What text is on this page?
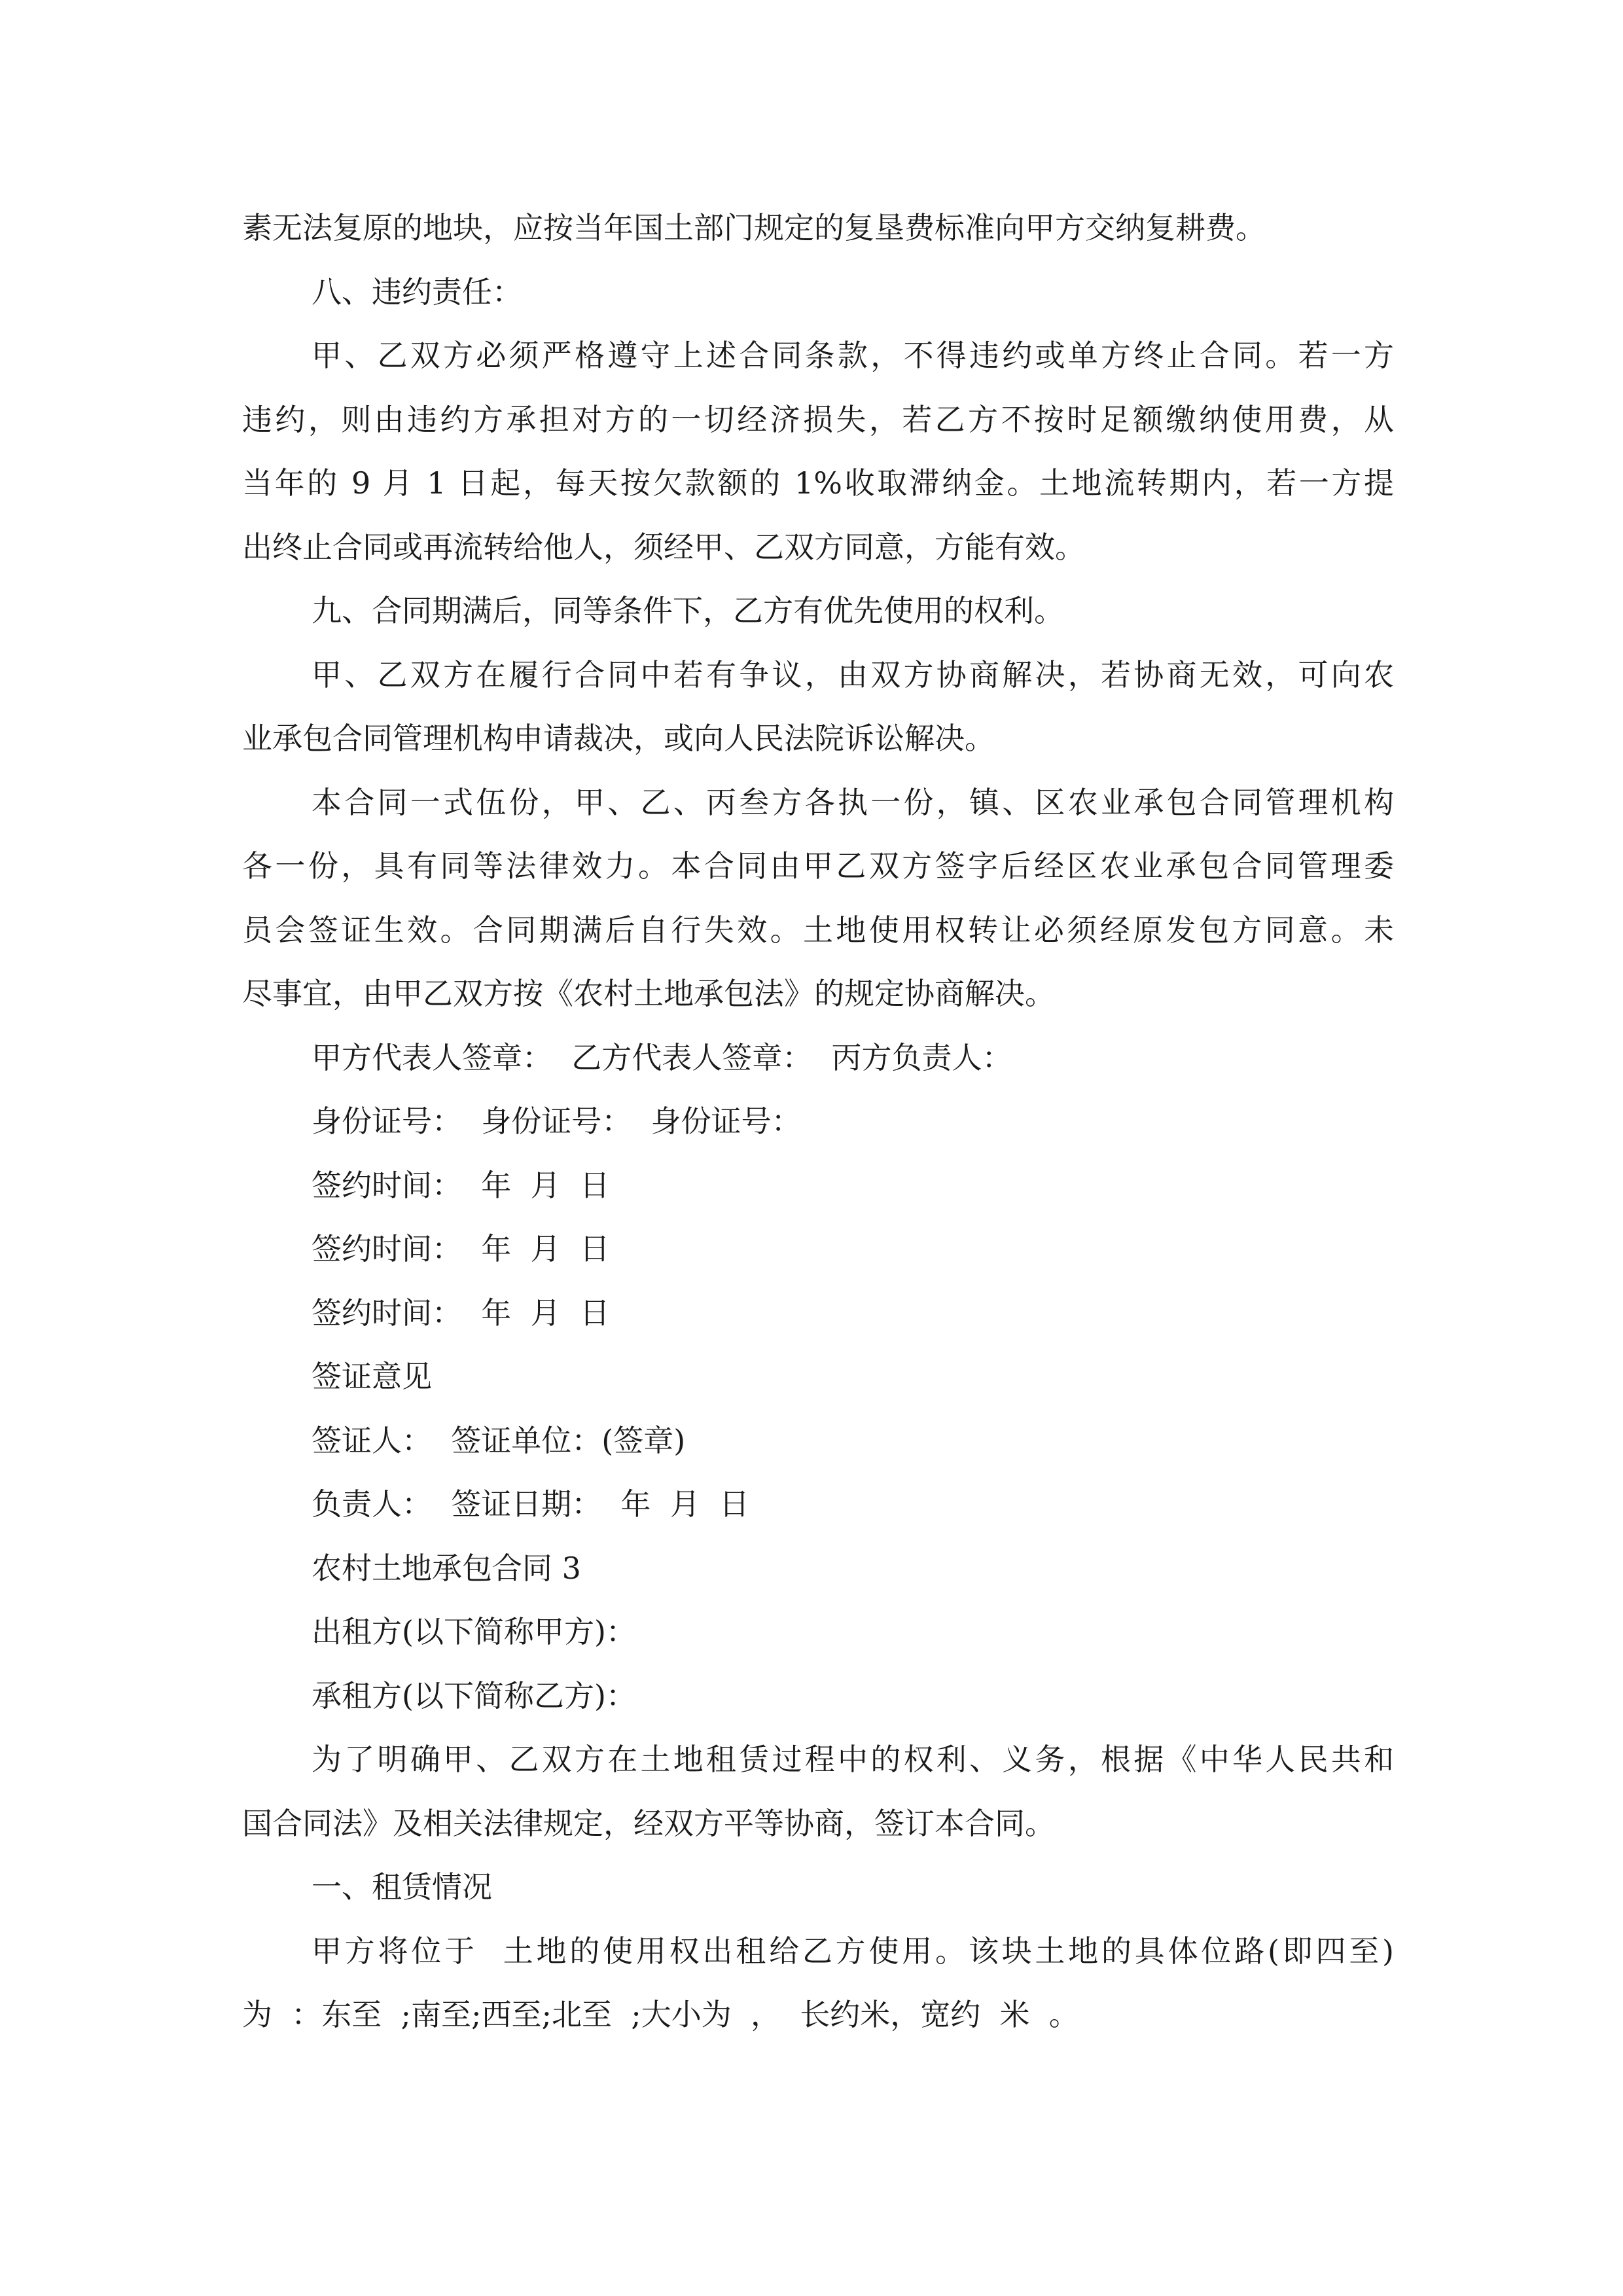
素无法复原的地块，应按当年国土部门规定的复垦费标准向甲方交纳复耕费。
八、违约责任：
甲、乙双方必须严格遵守上述合同条款，不得违约或单方终止合同。若一方
违约，则由违约方承担对方的一切经济损失，若乙方不按时足额缴纳使用费，从
当年的 9 月 1 日起，每天按欠款额的 1%收取滞纳金。土地流转期内，若一方提
出终止合同或再流转给他人，须经甲、乙双方同意，方能有效。
九、合同期满后，同等条件下，乙方有优先使用的权利。
甲、乙双方在履行合同中若有争议，由双方协商解决，若协商无效，可向农
业承包合同管理机构申请裁决，或向人民法院诉讼解决。
本合同一式伍份，甲、乙、丙叁方各执一份，镇、区农业承包合同管理机构
各一份，具有同等法律效力。本合同由甲乙双方签字后经区农业承包合同管理委
员会签证生效。合同期满后自行失效。土地使用权转让必须经原发包方同意。未
尽事宜，由甲乙双方按《农村土地承包法》的规定协商解决。
甲方代表人签章：  乙方代表人签章：  丙方负责人：
身份证号：  身份证号：  身份证号：
签约时间：  年  月  日
签约时间：  年  月  日
签约时间：  年  月  日
签证意见
签证人：  签证单位：(签章)
负责人：  签证日期：  年  月  日
农村土地承包合同 3
出租方(以下简称甲方)：
承租方(以下简称乙方)：
为了明确甲、乙双方在土地租赁过程中的权利、义务，根据《中华人民共和
国合同法》及相关法律规定，经双方平等协商，签订本合同。
一、租赁情况
甲方将位于  土地的使用权出租给乙方使用。该块土地的具体位路(即四至)
为  ：东至  ;南至;西至;北至  ;大小为  ，  长约米，宽约  米  。
